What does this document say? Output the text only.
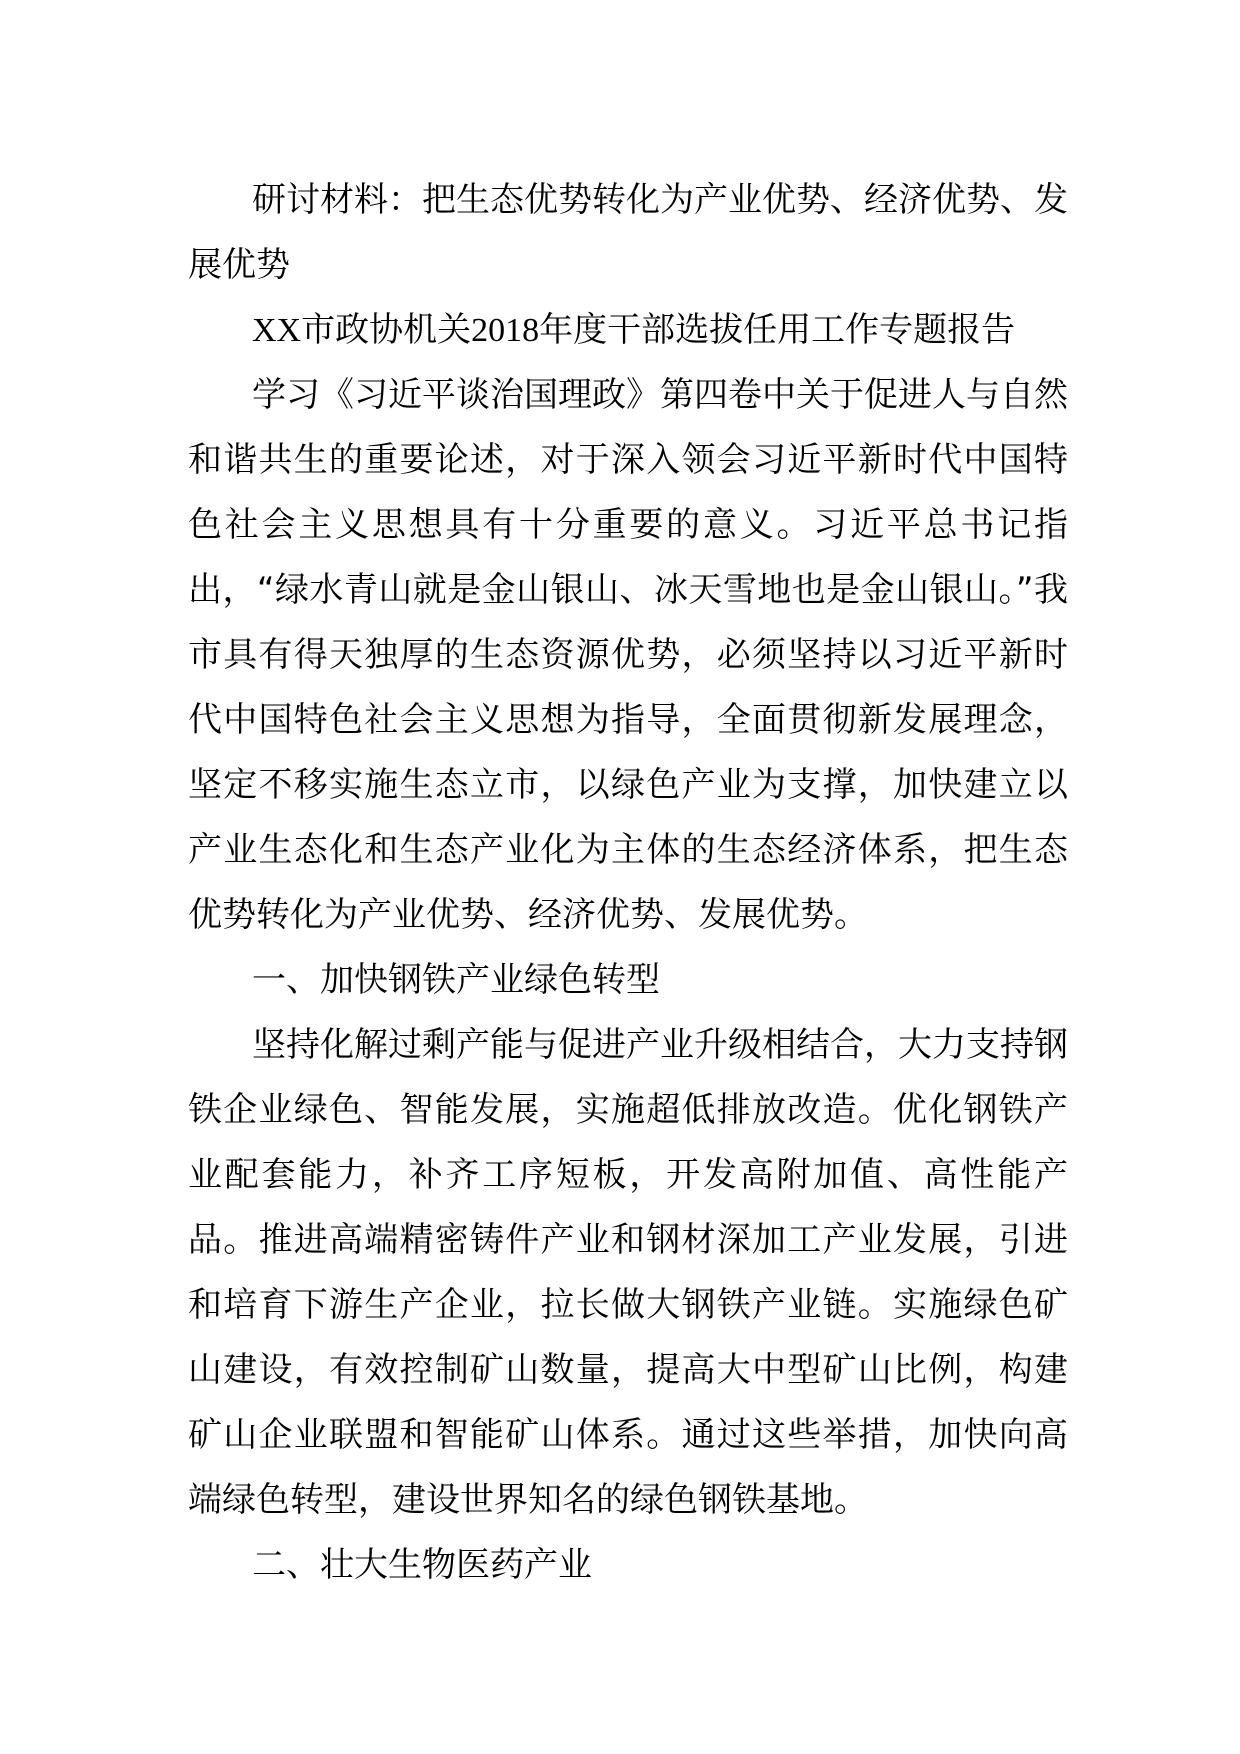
研讨材料：把生态优势转化为产业优势、经济优势、发展优势

XX市政协机关2018年度干部选拔任用工作专题报告

学习《习近平谈治国理政》第四卷中关于促进人与自然和谐共生的重要论述，对于深入领会习近平新时代中国特色社会主义思想具有十分重要的意义。习近平总书记指出，“绿水青山就是金山银山、冰天雪地也是金山银山。”我市具有得天独厚的生态资源优势，必须坚持以习近平新时代中国特色社会主义思想为指导，全面贯彻新发展理念，坚定不移实施生态立市，以绿色产业为支撑，加快建立以产业生态化和生态产业化为主体的生态经济体系，把生态优势转化为产业优势、经济优势、发展优势。

一、加快钢铁产业绿色转型

坚持化解过剩产能与促进产业升级相结合，大力支持钢铁企业绿色、智能发展，实施超低排放改造。优化钢铁产业配套能力，补齐工序短板，开发高附加值、高性能产品。推进高端精密铸件产业和钢材深加工产业发展，引进和培育下游生产企业，拉长做大钢铁产业链。实施绿色矿山建设，有效控制矿山数量，提高大中型矿山比例，构建矿山企业联盟和智能矿山体系。通过这些举措，加快向高端绿色转型，建设世界知名的绿色钢铁基地。

二、壮大生物医药产业
